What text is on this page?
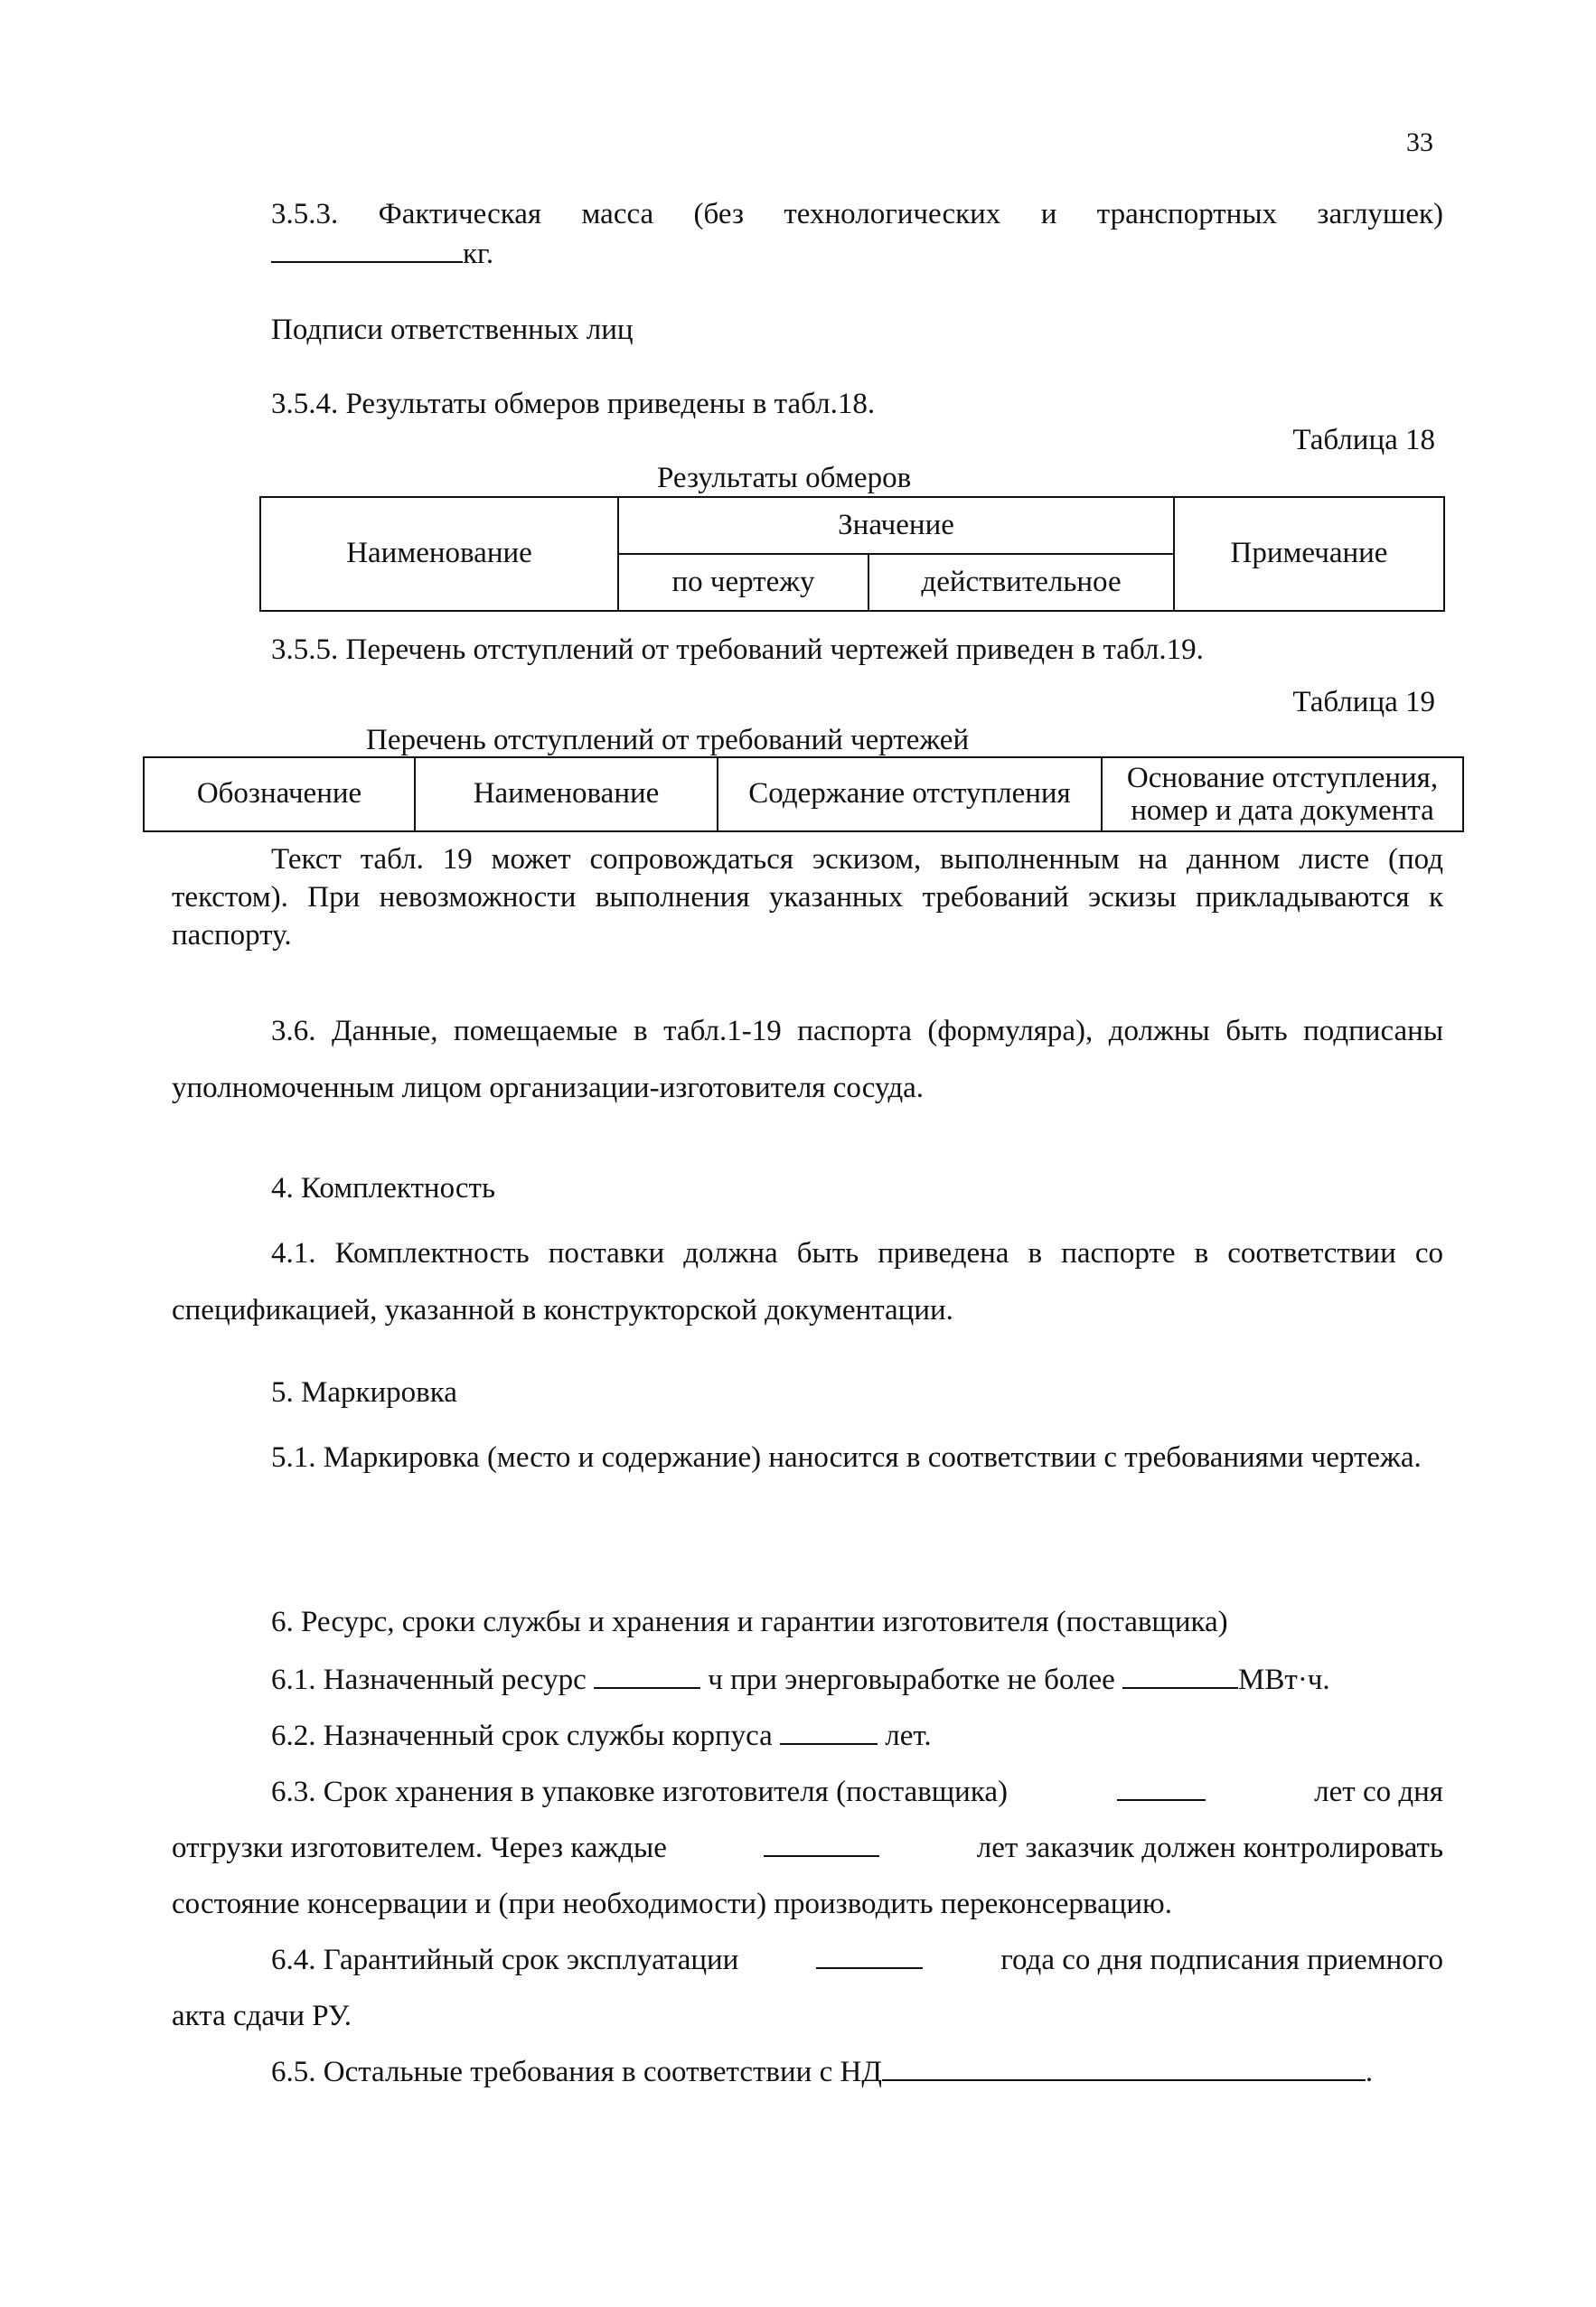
33
3.5.3. Фактическая масса (без технологических и транспортных заглушек)
кг.
Подписи ответственных лиц
3.5.4. Результаты обмеров приведены в табл.18.
Таблица 18
Результаты обмеров
Наименование	Значение		Примечание
	по чертежу	действительное	
3.5.5. Перечень отступлений от требований чертежей приведен в табл.19.
Таблица 19
Перечень отступлений от требований чертежей
Обозначение	Наименование	Содержание отступления	Основание отступления, номер и дата документа
Текст табл. 19 может сопровождаться эскизом, выполненным на данном листе (под текстом). При невозможности выполнения указанных требований эскизы прикладываются к паспорту.
3.6. Данные, помещаемые в табл.1-19 паспорта (формуляра), должны быть подписаны уполномоченным лицом организации-изготовителя сосуда.
4. Комплектность
4.1. Комплектность поставки должна быть приведена в паспорте в соответствии со спецификацией, указанной в конструкторской документации.
5. Маркировка
5.1. Маркировка (место и содержание) наносится в соответствии с требованиями чертежа.
6. Ресурс, сроки службы и хранения и гарантии изготовителя (поставщика)
6.1. Назначенный ресурс	ч при энерговыработке не более	МВт·ч.
6.2. Назначенный срок службы корпуса	лет.
6.3. Срок хранения в упаковке изготовителя (поставщика)	лет со дня
отгрузки изготовителем. Через каждые	лет заказчик должен контролировать
состояние консервации и (при необходимости) производить переконсервацию.
6.4. Гарантийный срок эксплуатации	года со дня подписания приемного
акта сдачи РУ.
6.5. Остальные требования в соответствии с НД	.
